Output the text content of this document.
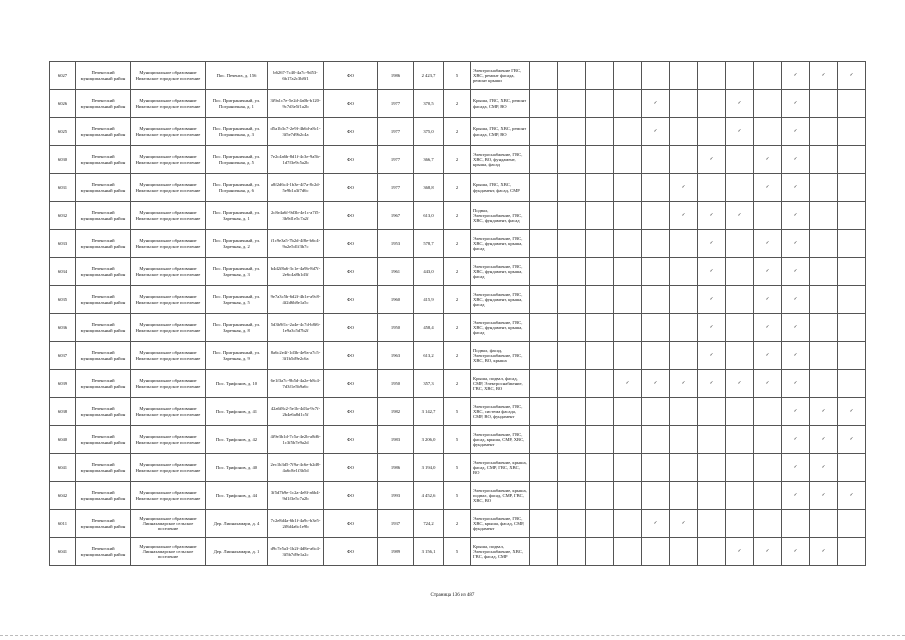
6027	Печенгский муниципальный район	Муниципальное образование Никельское городское поселение	Пос. Печенга, д. 156	b6267-7c40-4a7c-9d53-6b17a2c3b8f1	ФО	1986	2 423,7	5	Электроснабжение ГВС, ХВС, ремонт фасада, ремонт крыши										✓	✓	✓
6026	Печенгский муниципальный район	Муниципальное образование Никельское городское поселение	Пос. Приграничный, ул. Пограничная, д. 1	3f9a1c7e-5e2d-4a0b-b120-9c7d3e5f1a2b	ФО	1977	370,5	2	Крыша, ГВС, ХВС, ремонт фасада, СМР, ВО					✓			✓		✓		
6025	Печенгский муниципальный район	Муниципальное образование Никельское городское поселение	Пос. Приграничный, ул. Пограничная, д. 3	d5a1b3c7-2e9f-4b6d-a8c1-3f5e7d9b2c4a	ФО	1977	375,0	2	Крыша, ГВС, ХВС, ремонт фасада, СМР, ВО					✓			✓		✓		
6030	Печенгский муниципальный район	Муниципальное образование Никельское городское поселение	Пос. Приграничный, ул. Пограничная, д. 5	7e2c4a6b-8d1f-4c3e-9a5b-1d7f3e9c5a2b	ФО	1977	366,7	2	Электроснабжение, ГВС, ХВС, ВО, фундамент, крыша, фасад							✓		✓	✓		
6031	Печенгский муниципальный район	Муниципальное образование Никельское городское поселение	Пос. Приграничный, ул. Пограничная, д. 6	a8f2d6c4-1b3e-4f7a-8c2d-5e9b1a3f7d6c	ФО	1977	368,8	2	Крыша, ГВС, ХВС, фундамент, фасад, СМР						✓			✓	✓		
6032	Печенгский муниципальный район	Муниципальное образование Никельское городское поселение	Пос. Приграничный, ул. Заречная, д. 1	2c8e4a6f-9d3b-4e1c-a7f5-3b9d1e5c7a2f	ФО	1967	613,0	2	Подвал, Электроснабжение, ГВС, ХВС, фундамент, фасад						✓	✓	✓		✓		
6033	Печенгский муниципальный район	Муниципальное образование Никельское городское поселение	Пос. Приграничный, ул. Заречная, д. 2	f1c9e3a5-7b2d-4f8e-b6c4-9a2e5d1f3b7c	ФО	1953	578,7	2	Электроснабжение, ГВС, ХВС, фундамент, крыша, фасад							✓		✓	✓		
6034	Печенгский муниципальный район	Муниципальное образование Никельское городское поселение	Пос. Приграничный, ул. Заречная, д. 3	b4d2f8a6-3c1e-4a9b-8d7f-2e6c4a8b1d3f	ФО	1961	443,0	2	Электроснабжение, ГВС, ХВС, фундамент, крыша, фасад							✓		✓	✓		
6035	Печенгский муниципальный район	Муниципальное образование Никельское городское поселение	Пос. Приграничный, ул. Заречная, д. 5	9e7a3c5b-6d2f-4b1e-a9c8-4f2d6b8e1a5c	ФО	1960	415,9	2	Электроснабжение, ГВС, ХВС, фундамент, крыша, фасад							✓		✓	✓		
6036	Печенгский муниципальный район	Муниципальное образование Никельское городское поселение	Пос. Приграничный, ул. Заречная, д. 8	5d3b9f1c-2a4e-4c7d-b8f6-1e9a3c5d7b2f	ФО	1950	458,4	2	Электроснабжение, ГВС, ХВС, фундамент, крыша, фасад							✓		✓	✓		
6037	Печенгский муниципальный район	Муниципальное образование Никельское городское поселение	Пос. Приграничный, ул. Заречная, д. 9	8a6c2e4f-1d3b-4e9a-a7c5-3f1b5d9e2c6a	ФО	1963	613,2	2	Подвал, фасад, Электроснабжение, ГВС, ХВС, ВО, крыша							✓		✓	✓		
6039	Печенгский муниципальный район	Муниципальное образование Никельское городское поселение	Пос. Трифонов, д. 10	6e1f3a7c-9b5d-4a2e-b8c4-7d3f1e5b9a6c	ФО	1950	357,3	2	Крыша, подвал, фасад, СМР, Электроснабжение, ГВС, ХВС, ВО				✓	✓	✓	✓	✓	✓	✓		
6038	Печенгский муниципальный район	Муниципальное образование Никельское городское поселение	Пос. Трифонов, д. 41	42a6f8c2-5e1b-4d3a-9c7f-2b4e6a8d1c5f	ФО	1982	3 142,7	5	Электроснабжение, ГВС, ХВС, система фасада, СМР, ВО, фундамент										✓	✓	✓
6040	Печенгский муниципальный район	Муниципальное образование Никельское городское поселение	Пос. Трифонов, д. 42	4f9e3b1d-7c5a-4e2b-a8d6-1c3f5b7e9a2d	ФО	1983	3 206,0	5	Электроснабжение, ГВС, фасад, крыша, СМР, ХВС, фундамент										✓	✓	✓
6041	Печенгский муниципальный район	Муниципальное образование Никельское городское поселение	Пос. Трифонов, д. 40	2ec1b3d5-7f9a-4c6e-b2d8-4a6c8e1f3b5d	ФО	1986	3 194,0	5	Электроснабжение, крыша, фасад, СМР, ГВС, ХВС, ВО										✓	✓	
6042	Печенгский муниципальный район	Муниципальное образование Никельское городское поселение	Пос. Трифонов, д. 44	3f5d7b9e-1c2a-4e8f-a6b4-9d1f3e5c7a2b	ФО	1993	4 452,6	5	Электроснабжение, крыша, подвал, фасад, СМР, ГВС, ХВС, ВО										✓	✓	✓
6011	Печенгский муниципальный район	Муниципальное образование Лиинахамарское сельское поселение	Дер. Лиинахамари, д. 4	7c2e8d4a-6b1f-4a9c-b3e5-2f8d4a6c1e9b	ФО	1937	724,2	2	Электроснабжение, ГВС, ХВС, крыша, фасад, СМР, фундамент					✓	✓						
6041	Печенгский муниципальный район	Муниципальное образование Лиинахамарское сельское поселение	Дер. Лиинахамари, д. 1	d9c7e5a3-1b2f-4d8e-a6c4-3f5b7d9e1a2c	ФО	1989	3 156,1	5	Крыша, подвал, Электроснабжение, ХВС, ГВС, фасад, СМР								✓	✓	✓	✓	
Страница 136 из 487
